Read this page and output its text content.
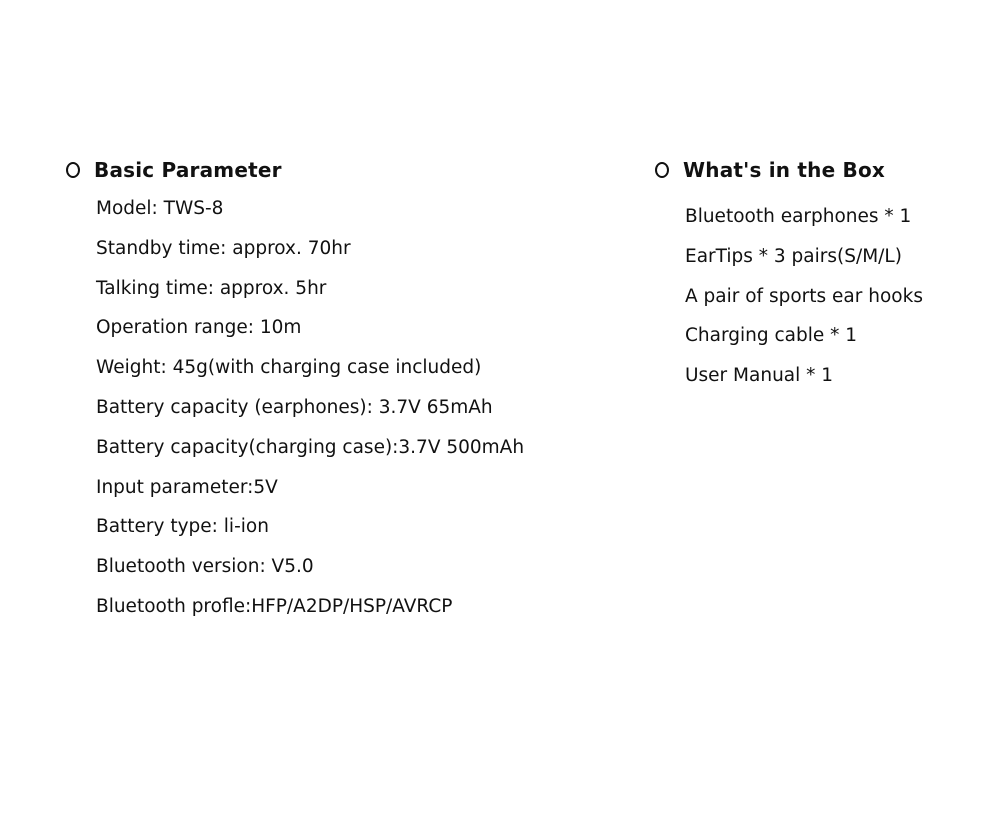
Basic Parameter
Model: TWS-8
Standby time: approx. 70hr
Talking time: approx. 5hr
Operation range: 10m
Weight: 45g(with charging case included)
Battery capacity (earphones): 3.7V 65mAh
Battery capacity(charging case):3.7V 500mAh
Input parameter:5V
Battery type: li-ion
Bluetooth version: V5.0
Bluetooth profle:HFP/A2DP/HSP/AVRCP
What's in the Box
Bluetooth earphones * 1
EarTips * 3 pairs(S/M/L)
A pair of sports ear hooks
Charging cable * 1
User Manual * 1
